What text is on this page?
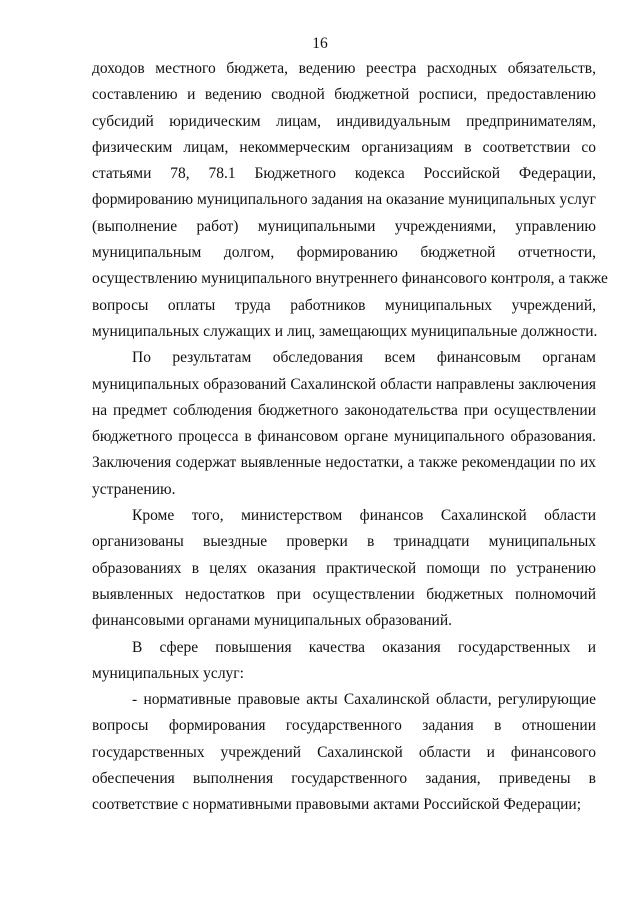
16
доходов местного бюджета, ведению реестра расходных обязательств,
составлению и ведению сводной бюджетной росписи, предоставлению
субсидий юридическим лицам, индивидуальным предпринимателям,
физическим лицам, некоммерческим организациям в соответствии со
статьями 78, 78.1 Бюджетного кодекса Российской Федерации,
формированию муниципального задания на оказание муниципальных услуг
(выполнение работ) муниципальными учреждениями, управлению
муниципальным долгом, формированию бюджетной отчетности,
осуществлению муниципального внутреннего финансового контроля, а также
вопросы оплаты труда работников муниципальных учреждений,
муниципальных служащих и лиц, замещающих муниципальные должности.
По результатам обследования всем финансовым органам
муниципальных образований Сахалинской области направлены заключения
на предмет соблюдения бюджетного законодательства при осуществлении
бюджетного процесса в финансовом органе муниципального образования.
Заключения содержат выявленные недостатки, а также рекомендации по их
устранению.
Кроме того, министерством финансов Сахалинской области
организованы выездные проверки в тринадцати муниципальных
образованиях в целях оказания практической помощи по устранению
выявленных недостатков при осуществлении бюджетных полномочий
финансовыми органами муниципальных образований.
В сфере повышения качества оказания государственных и
муниципальных услуг:
- нормативные правовые акты Сахалинской области, регулирующие
вопросы формирования государственного задания в отношении
государственных учреждений Сахалинской области и финансового
обеспечения выполнения государственного задания, приведены в
соответствие с нормативными правовыми актами Российской Федерации;
